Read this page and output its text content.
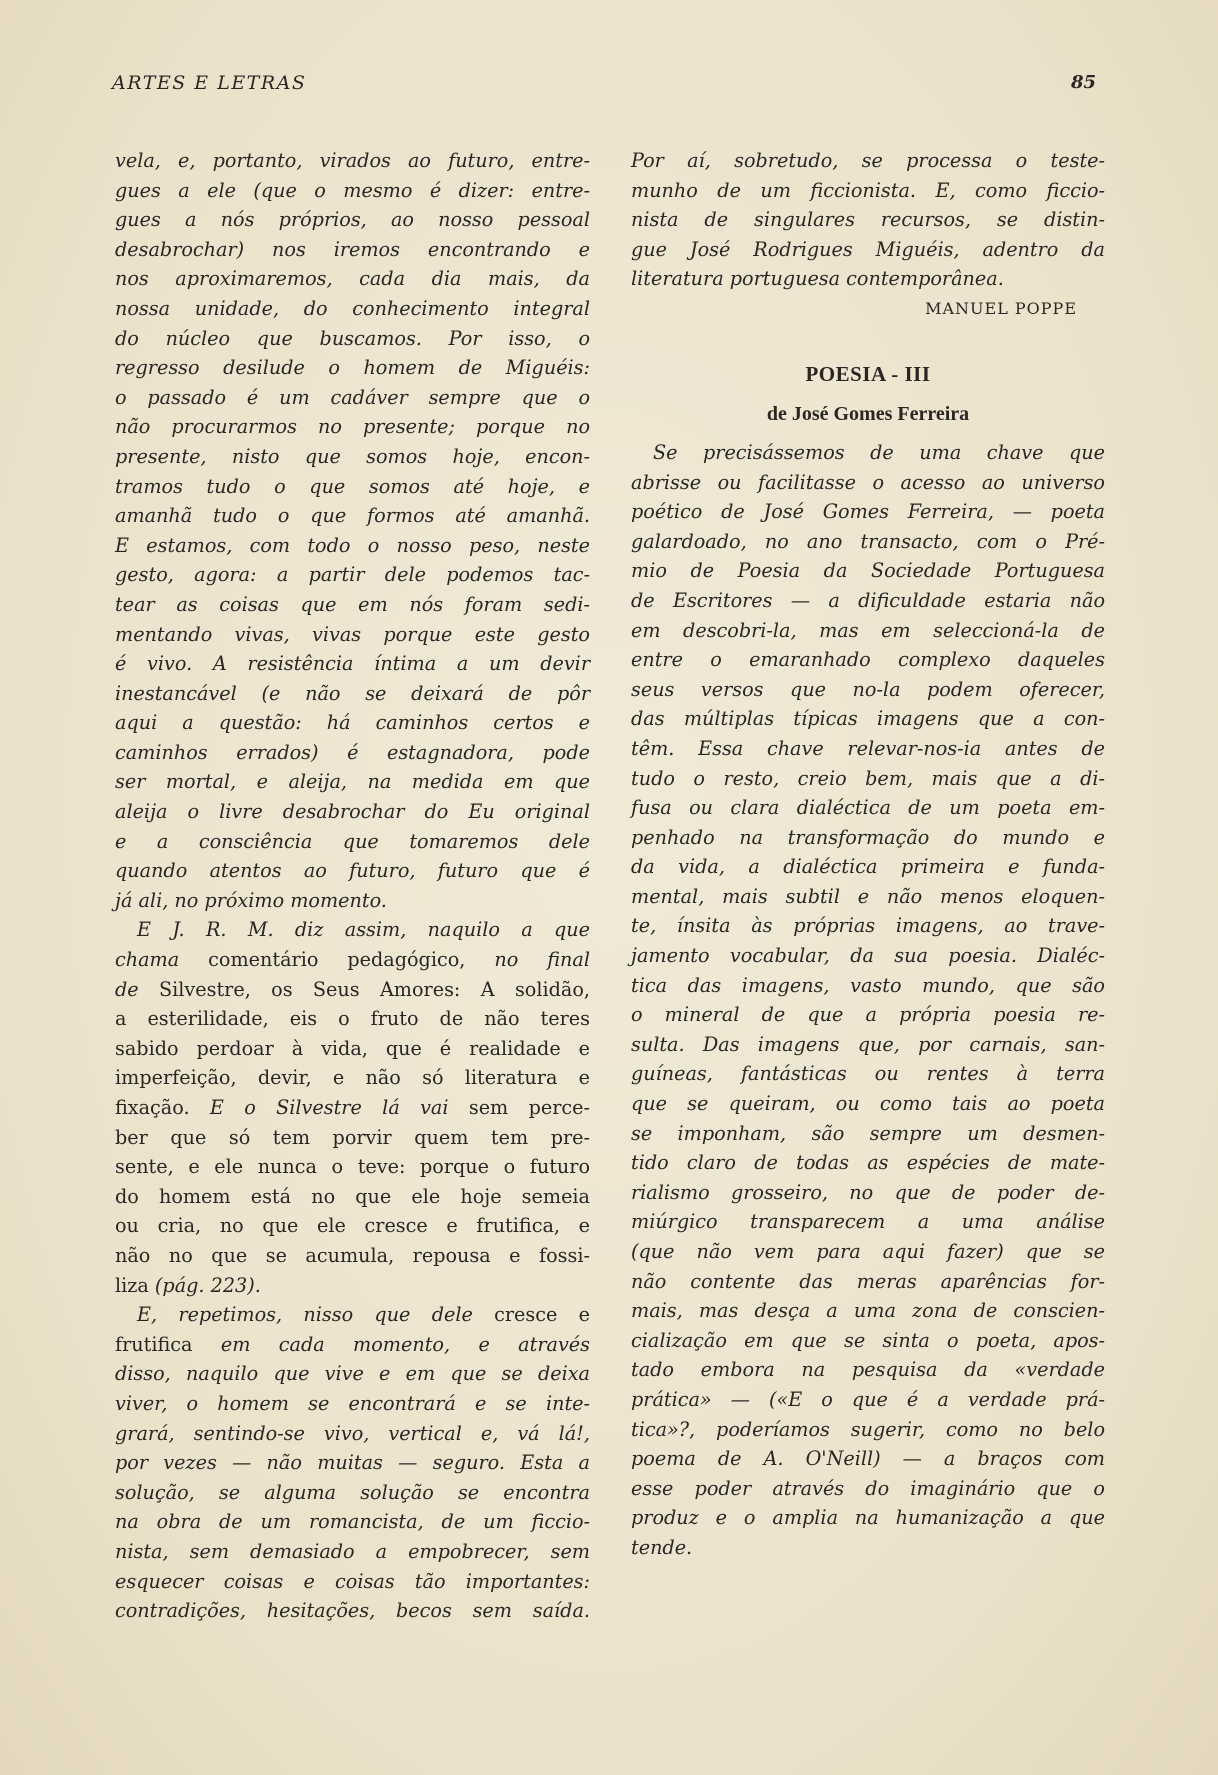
ARTES E LETRAS	85

vela, e, portanto, virados ao futuro, entre-
gues a ele (que o mesmo é dizer: entre-
gues a nós próprios, ao nosso pessoal
desabrochar) nos iremos encontrando e
nos aproximaremos, cada dia mais, da
nossa unidade, do conhecimento integral
do núcleo que buscamos. Por isso, o
regresso desilude o homem de Miguéis:
o passado é um cadáver sempre que o
não procurarmos no presente; porque no
presente, nisto que somos hoje, encon-
tramos tudo o que somos até hoje, e
amanhã tudo o que formos até amanhã.
E estamos, com todo o nosso peso, neste
gesto, agora: a partir dele podemos tac-
tear as coisas que em nós foram sedi-
mentando vivas, vivas porque este gesto
é vivo. A resistência íntima a um devir
inestancável (e não se deixará de pôr
aqui a questão: há caminhos certos e
caminhos errados) é estagnadora, pode
ser mortal, e aleija, na medida em que
aleija o livre desabrochar do Eu original
e a consciência que tomaremos dele
quando atentos ao futuro, futuro que é
já ali, no próximo momento.

E J. R. M. diz assim, naquilo a que
chama comentário pedagógico, no final
de Silvestre, os Seus Amores: A solidão,
a esterilidade, eis o fruto de não teres
sabido perdoar à vida, que é realidade e
imperfeição, devir, e não só literatura e
fixação. E o Silvestre lá vai sem perce-
ber que só tem porvir quem tem pre-
sente, e ele nunca o teve: porque o futuro
do homem está no que ele hoje semeia
ou cria, no que ele cresce e frutifica, e
não no que se acumula, repousa e fossi-
liza (pág. 223).

E, repetimos, nisso que dele cresce e
frutifica em cada momento, e através
disso, naquilo que vive e em que se deixa
viver, o homem se encontrará e se inte-
grará, sentindo-se vivo, vertical e, vá lá!,
por vezes — não muitas — seguro. Esta a
solução, se alguma solução se encontra
na obra de um romancista, de um ficcio-
nista, sem demasiado a empobrecer, sem
esquecer coisas e coisas tão importantes:
contradições, hesitações, becos sem saída.

Por aí, sobretudo, se processa o teste-
munho de um ficcionista. E, como ficcio-
nista de singulares recursos, se distin-
gue José Rodrigues Miguéis, adentro da
literatura portuguesa contemporânea.

MANUEL POPPE

POESIA - III

de José Gomes Ferreira

Se precisássemos de uma chave que
abrisse ou facilitasse o acesso ao universo
poético de José Gomes Ferreira, — poeta
galardoado, no ano transacto, com o Pré-
mio de Poesia da Sociedade Portuguesa
de Escritores — a dificuldade estaria não
em descobri-la, mas em seleccioná-la de
entre o emaranhado complexo daqueles
seus versos que no-la podem oferecer,
das múltiplas típicas imagens que a con-
têm. Essa chave relevar-nos-ia antes de
tudo o resto, creio bem, mais que a di-
fusa ou clara dialéctica de um poeta em-
penhado na transformação do mundo e
da vida, a dialéctica primeira e funda-
mental, mais subtil e não menos eloquen-
te, ínsita às próprias imagens, ao trave-
jamento vocabular, da sua poesia. Dialéc-
tica das imagens, vasto mundo, que são
o mineral de que a própria poesia re-
sulta. Das imagens que, por carnais, san-
guíneas, fantásticas ou rentes à terra
que se queiram, ou como tais ao poeta
se imponham, são sempre um desmen-
tido claro de todas as espécies de mate-
rialismo grosseiro, no que de poder de-
miúrgico transparecem a uma análise
(que não vem para aqui fazer) que se
não contente das meras aparências for-
mais, mas desça a uma zona de conscien-
cialização em que se sinta o poeta, apos-
tado embora na pesquisa da «verdade
prática» — («E o que é a verdade prá-
tica»?, poderíamos sugerir, como no belo
poema de A. O'Neill) — a braços com
esse poder através do imaginário que o
produz e o amplia na humanização a que
tende.
